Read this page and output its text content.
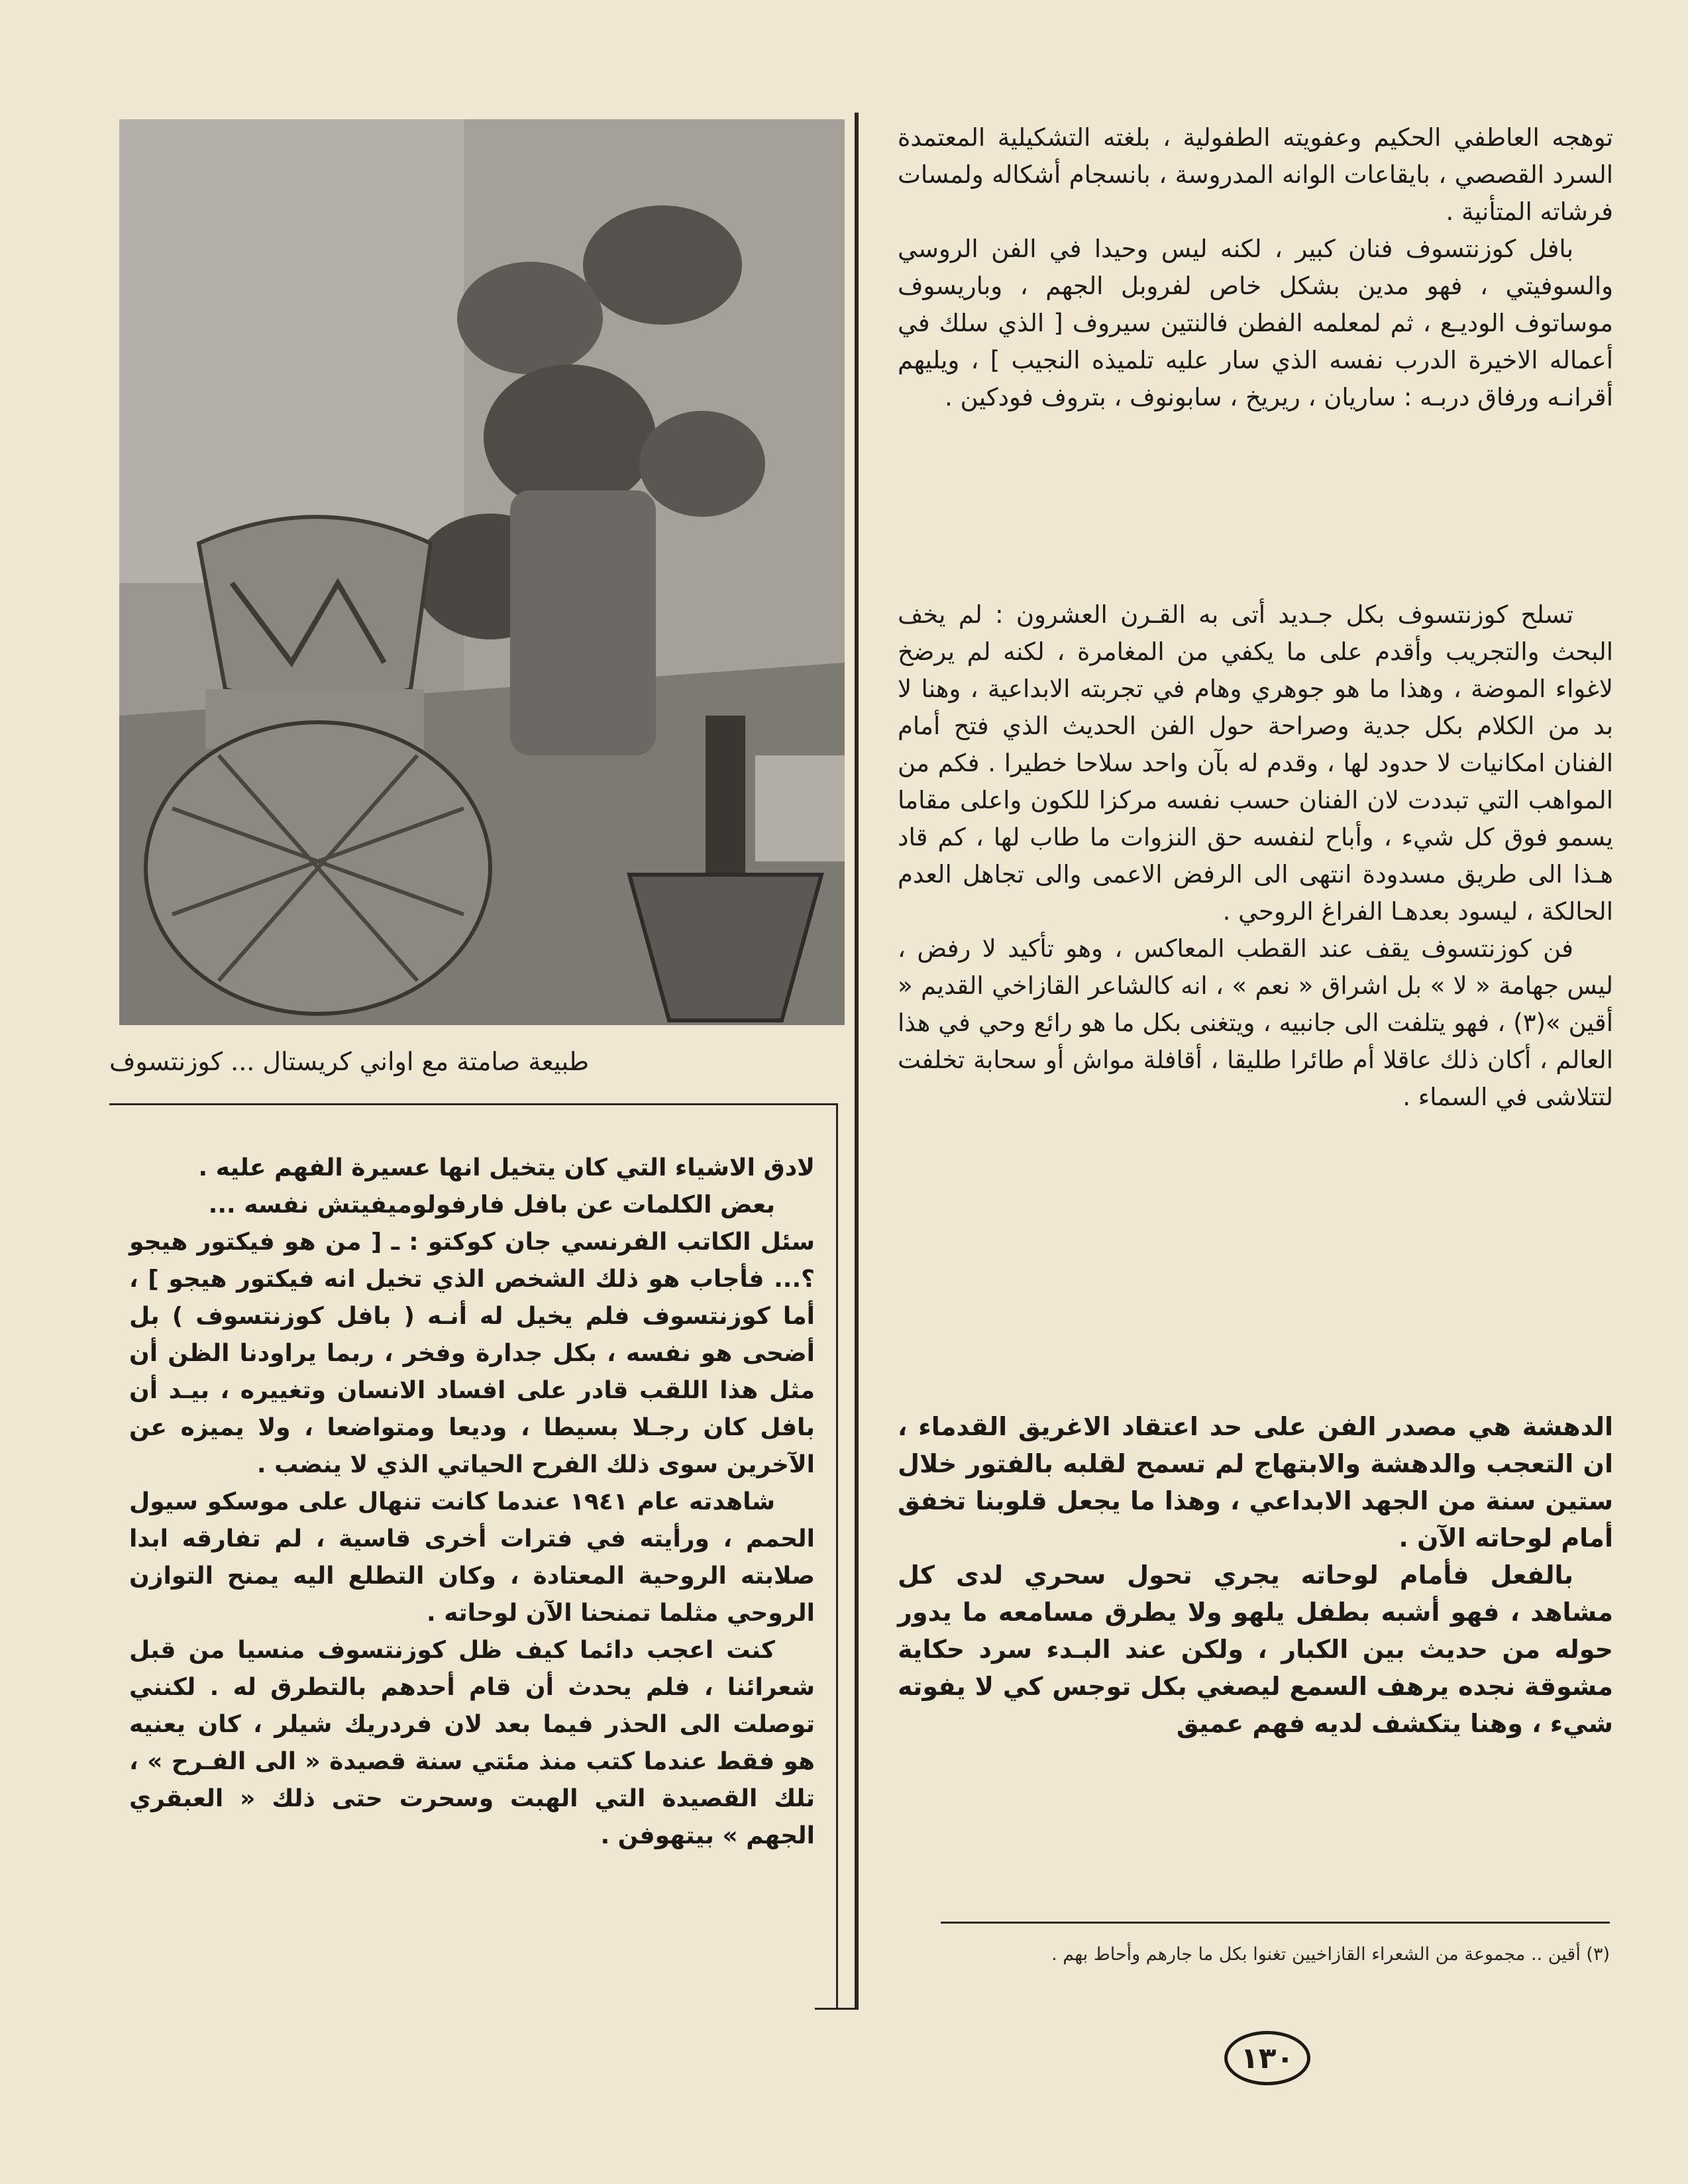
توهجه العاطفي الحكيم وعفويته الطفولية ، بلغته التشكيلية المعتمدة السرد القصصي ، بايقاعات الوانه المدروسة ، بانسجام أشكاله ولمسات فرشاته المتأنية .

بافل كوزنتسوف فنان كبير ، لكنه ليس وحيدا في الفن الروسي والسوفيتي ، فهو مدين بشكل خاص لفروبل الجهم ، وباريسوف موساتوف الوديـع ، ثم لمعلمه الفطن فالنتين سيروف [ الذي سلك في أعماله الاخيرة الدرب نفسه الذي سار عليه تلميذه النجيب ] ، ويليهم أقرانـه ورفاق دربـه : ساريان ، ريريخ ، سابونوف ، بتروف فودكين .

تسلح كوزنتسوف بكل جـديد أتى به القـرن العشرون : لم يخف البحث والتجريب وأقدم على ما يكفي من المغامرة ، لكنه لم يرضخ لاغواء الموضة ، وهذا ما هو جوهري وهام في تجربته الابداعية ، وهنا لا بد من الكلام بكل جدية وصراحة حول الفن الحديث الذي فتح أمام الفنان امكانيات لا حدود لها ، وقدم له بآن واحد سلاحا خطيرا . فكم من المواهب التي تبددت لان الفنان حسب نفسه مركزا للكون واعلى مقاما يسمو فوق كل شيء ، وأباح لنفسه حق النزوات ما طاب لها ، كم قاد هـذا الى طريق مسدودة انتهى الى الرفض الاعمى والى تجاهل العدم الحالكة ، ليسود بعدهـا الفراغ الروحي .

فن كوزنتسوف يقف عند القطب المعاكس ، وهو تأكيد لا رفض ، ليس جهامة « لا » بل اشراق « نعم » ، انه كالشاعر القازاخي القديم « أقين »(٣) ، فهو يتلفت الى جانبيه ، ويتغنى بكل ما هو رائع وحي في هذا العالم ، أكان ذلك عاقلا أم طائرا طليقا ، أقافلة مواش أو سحابة تخلفت لتتلاشى في السماء .

الدهشة هي مصدر الفن على حد اعتقاد الاغريق القدماء ، ان التعجب والدهشة والابتهاج لم تسمح لقلبه بالفتور خلال ستين سنة من الجهد الابداعي ، وهذا ما يجعل قلوبنا تخفق أمام لوحاته الآن .

بالفعل فأمام لوحاته يجري تحول سحري لدى كل مشاهد ، فهو أشبه بطفل يلهو ولا يطرق مسامعه ما يدور حوله من حديث بين الكبار ، ولكن عند البـدء سرد حكاية مشوقة نجده يرهف السمع ليصغي بكل توجس كي لا يفوته شيء ، وهنا يتكشف لديه فهم عميق

طبيعة صامتة مع اواني كريستال ... كوزنتسوف

لادق الاشياء التي كان يتخيل انها عسيرة الفهم عليه .

بعض الكلمات عن بافل فارفولوميفيتش نفسه ...

سئل الكاتب الفرنسي جان كوكتو : ـ [ من هو فيكتور هيجو ؟... فأجاب هو ذلك الشخص الذي تخيل انه فيكتور هيجو ] ، أما كوزنتسوف فلم يخيل له أنـه ( بافل كوزنتسوف ) بل أضحى هو نفسه ، بكل جدارة وفخر ، ربما يراودنا الظن أن مثل هذا اللقب قادر على افساد الانسان وتغييره ، بيـد أن بافل كان رجـلا بسيطا ، وديعا ومتواضعا ، ولا يميزه عن الآخرين سوى ذلك الفرح الحياتي الذي لا ينضب .

شاهدته عام ١٩٤١ عندما كانت تنهال على موسكو سيول الحمم ، ورأيته في فترات أخرى قاسية ، لم تفارقه ابدا صلابته الروحية المعتادة ، وكان التطلع اليه يمنح التوازن الروحي مثلما تمنحنا الآن لوحاته .

كنت اعجب دائما كيف ظل كوزنتسوف منسيا من قبل شعرائنا ، فلم يحدث أن قام أحدهم بالتطرق له . لكنني توصلت الى الحذر فيما بعد لان فردريك شيلر ، كان يعنيه هو فقط عندما كتب منذ مئتي سنة قصيدة « الى الفـرح » ، تلك القصيدة التي الهبت وسحرت حتى ذلك « العبقري الجهم » بيتهوفن .

(٣) أقين .. مجموعة من الشعراء القازاخيين تغنوا بكل ما جارهم وأحاط بهم .
١٣٠
